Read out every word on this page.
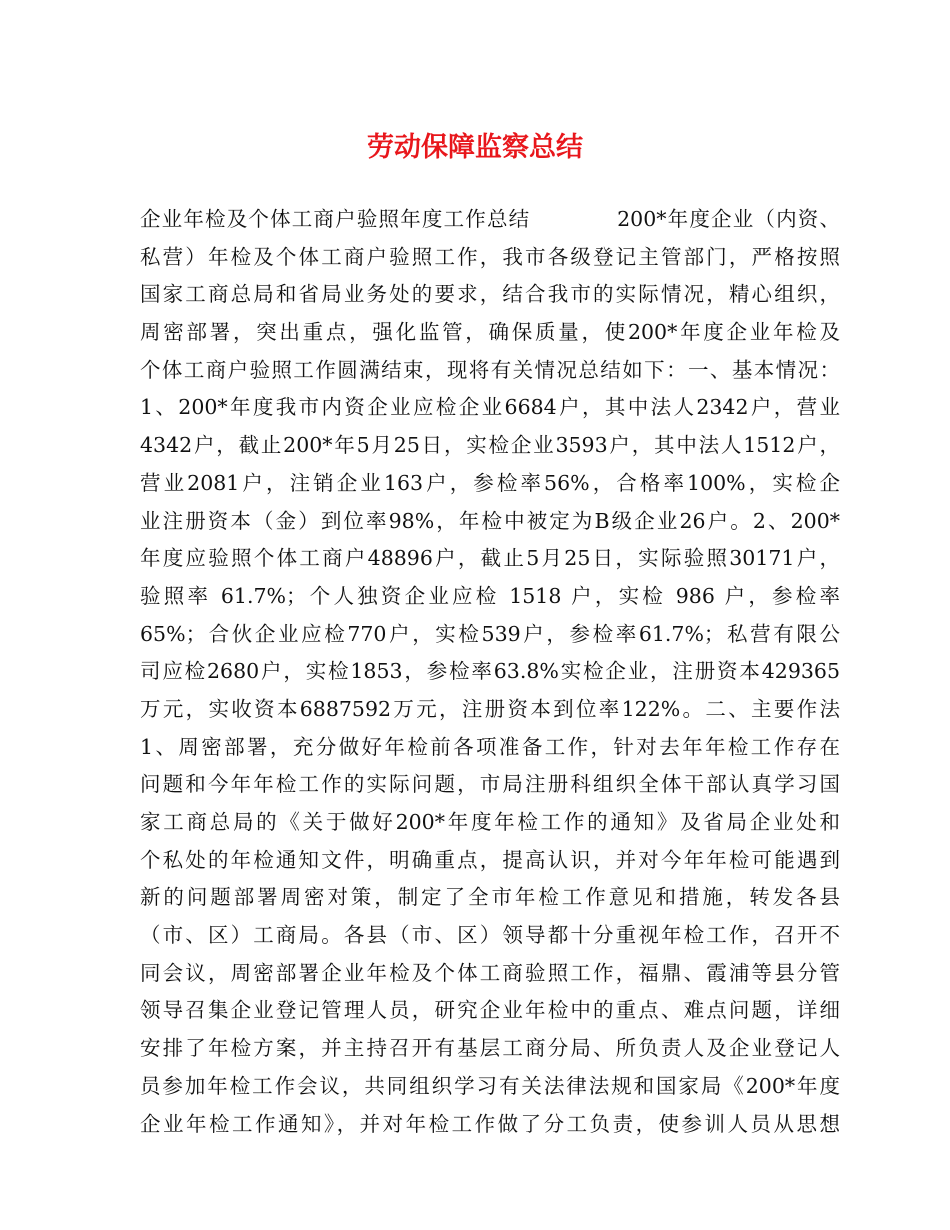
劳动保障监察总结
企业年检及个体工商户验照年度工作总结　　　　200*年度企业（内资、
私营）年检及个体工商户验照工作，我市各级登记主管部门，严格按照
国家工商总局和省局业务处的要求，结合我市的实际情况，精心组织，
周密部署，突出重点，强化监管，确保质量，使200*年度企业年检及
个体工商户验照工作圆满结束，现将有关情况总结如下：一、基本情况：
1、200*年度我市内资企业应检企业6684户，其中法人2342户，营业
4342户，截止200*年5月25日，实检企业3593户，其中法人1512户，
营业2081户，注销企业163户，参检率56%，合格率100%，实检企
业注册资本（金）到位率98%，年检中被定为B级企业26户。2、200*
年度应验照个体工商户48896户，截止5月25日，实际验照30171户，
验照率 61.7%；个人独资企业应检 1518 户，实检 986 户，参检率
65%；合伙企业应检770户，实检539户，参检率61.7%；私营有限公
司应检2680户，实检1853，参检率63.8%实检企业，注册资本429365
万元，实收资本6887592万元，注册资本到位率122%。二、主要作法
1、周密部署，充分做好年检前各项准备工作，针对去年年检工作存在
问题和今年年检工作的实际问题，市局注册科组织全体干部认真学习国
家工商总局的《关于做好200*年度年检工作的通知》及省局企业处和
个私处的年检通知文件，明确重点，提高认识，并对今年年检可能遇到
新的问题部署周密对策，制定了全市年检工作意见和措施，转发各县
（市、区）工商局。各县（市、区）领导都十分重视年检工作，召开不
同会议，周密部署企业年检及个体工商验照工作，福鼎、霞浦等县分管
领导召集企业登记管理人员，研究企业年检中的重点、难点问题，详细
安排了年检方案，并主持召开有基层工商分局、所负责人及企业登记人
员参加年检工作会议，共同组织学习有关法律法规和国家局《200*年度
企业年检工作通知》，并对年检工作做了分工负责，使参训人员从思想
